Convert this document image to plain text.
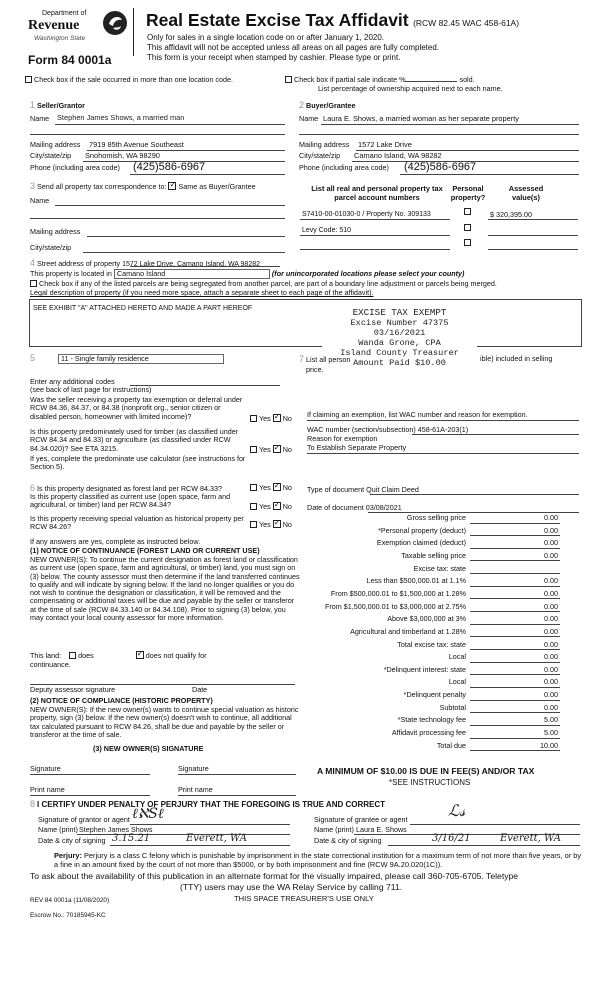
Department of
Revenue
Washington State
Form 84 0001a
Real Estate Excise Tax Affidavit (RCW 82.45 WAC 458-61A)
Only for sales in a single location code on or after January 1, 2020.
This affidavit will not be accepted unless all areas on all pages are fully completed.
This form is your receipt when stamped by cashier. Please type or print.
Check box if the sale occurred in more than one location code.	Check box if partial sale indicate %	sold.
List percentage of ownership acquired next to each name.
1 Seller/Grantor
Name Stephen James Shows, a married man
Mailing address 7919 85th Avenue Southeast
City/state/zip Snohomish, WA 98290
Phone (including area code) (425)586-6967
2 Buyer/Grantee
Name Laura E. Shows, a married woman as her separate property
Mailing address 1572 Lake Drive
City/state/zip Camano Island, WA 98282
Phone (including area code) (425)586-6967
3 Send all property tax correspondence to: ✓ Same as Buyer/Grantee
Name
Mailing address
City/state/zip
List all real and personal property tax parcel account numbers
Personal property?
Assessed value(s)
S7410-00-01030-0 / Property No. 309133	$ 320,395.00
Levy Code: 510
4 Street address of property 1572 Lake Drive, Camano Island, WA 98282
This property is located in Camano Island	(for unincorporated locations please select your county)
Check box if any of the listed parcels are being segregated from another parcel, are part of a boundary line adjustment or parcels being merged.
Legal description of property (if you need more space, attach a separate sheet to each page of the affidavit).
SEE EXHIBIT "A" ATTACHED HERETO AND MADE A PART HEREOF	EXCISE TAX EXEMPT
Excise Number 47375
03/16/2021
Wanda Grone, CPA
Island County Treasurer
Amount Paid $10.00
5	11 - Single family residence	7 List all person	ible) included in selling
price.
Enter any additional codes
(see back of last page for instructions)
Was the seller receiving a property tax exemption or deferral under RCW 84.36, 84.37, or 84.38 (nonprofit org., senior citizen or disabled person, homeowner with limited income)?	Yes ✓ No
Is this property predominately used for timber (as classified under RCW 84.34 and 84.33) or agriculture (as classified under RCW 84.34.020)? See ETA 3215.	Yes ✓ No
If yes, complete the predominate use calculator (see instructions for Section 5).
If claiming an exemption, list WAC number and reason for exemption.
WAC number (section/subsection) 458-61A-203(1)
Reason for exemption
To Establish Separate Property
6 Is this property designated as forest land per RCW 84.33?	Yes ✓ No
Is this property classified as current use (open space, farm and agricultural, or timber) land per RCW 84.34?	Yes ✓ No
Is this property receiving special valuation as historical property per RCW 84.26?	Yes ✓ No
If any answers are yes, complete as instructed below.
(1) NOTICE OF CONTINUANCE (FOREST LAND OR CURRENT USE)
NEW OWNER(S): To continue the current designation as forest land or classification as current use (open space, farm and agricultural, or timber) land, you must sign on (3) below. The county assessor must then determine if the land transferred continues to qualify and will indicate by signing below. If the land no longer qualifies or you do not wish to continue the designation or classification, it will be removed and the compensating or additional taxes will be due and payable by the seller or transferor at the time of sale (RCW 84.33.140 or 84.34.108). Prior to signing (3) below, you may contact your local county assessor for more information.
This land: does ✓	does not qualify for
continuance.
Deputy assessor signature	Date
(2) NOTICE OF COMPLIANCE (HISTORIC PROPERTY)
NEW OWNER(S): If the new owner(s) wants to continue special valuation as historic property, sign (3) below. If the new owner(s) doesn't wish to continue, all additional tax calculated pursuant to RCW 84.26, shall be due and payable by the seller or transferor at the time of sale.
(3) NEW OWNER(S) SIGNATURE
Signature	Signature
Print name	Print name
Type of document Quit Claim Deed
Date of document 03/08/2021
Gross selling price	0.00
*Personal property (deduct)	0.00
Exemption claimed (deduct)	0.00
Taxable selling price	0.00
Excise tax: state
Less than $500,000.01 at 1.1%	0.00
From $500,000.01 to $1,500,000 at 1.28%	0.00
From $1,500,000.01 to $3,000,000 at 2.75%	0.00
Above $3,000,000 at 3%	0.00
Agricultural and timberland at 1.28%	0.00
Total excise tax: state	0.00
Local	0.00
*Delinquent interest: state	0.00
Local	0.00
*Delinquent penalty	0.00
Subtotal	0.00
*State technology fee	5.00
Affidavit processing fee	5.00
Total due	10.00
A MINIMUM OF $10.00 IS DUE IN FEE(S) AND/OR TAX
*SEE INSTRUCTIONS
8 I CERTIFY UNDER PENALTY OF PERJURY THAT THE FOREGOING IS TRUE AND CORRECT
Signature of grantor or agent ℓℵSℓ
Name (print) Stephen James Shows
Date & city of signing 3.15.21	Everett, WA
Signature of grantee or agent	ℒ𝓈
Name (print) Laura E. Shows
Date & city of signing	3/16/21	Everett, WA
Perjury: Perjury is a class C felony which is punishable by imprisonment in the state correctional institution for a maximum term of not more than five years, or by a fine in an amount fixed by the court of not more than $5000, or by both imprisonment and fine (RCW 9A.20.020(1C)).
To ask about the availability of this publication in an alternate format for the visually impaired, please call 360-705-6705. Teletype
(TTY) users may use the WA Relay Service by calling 711.
REV 84 0001a (11/08/2020)	THIS SPACE TREASURER'S USE ONLY
Escrow No.: 70185945-KC
